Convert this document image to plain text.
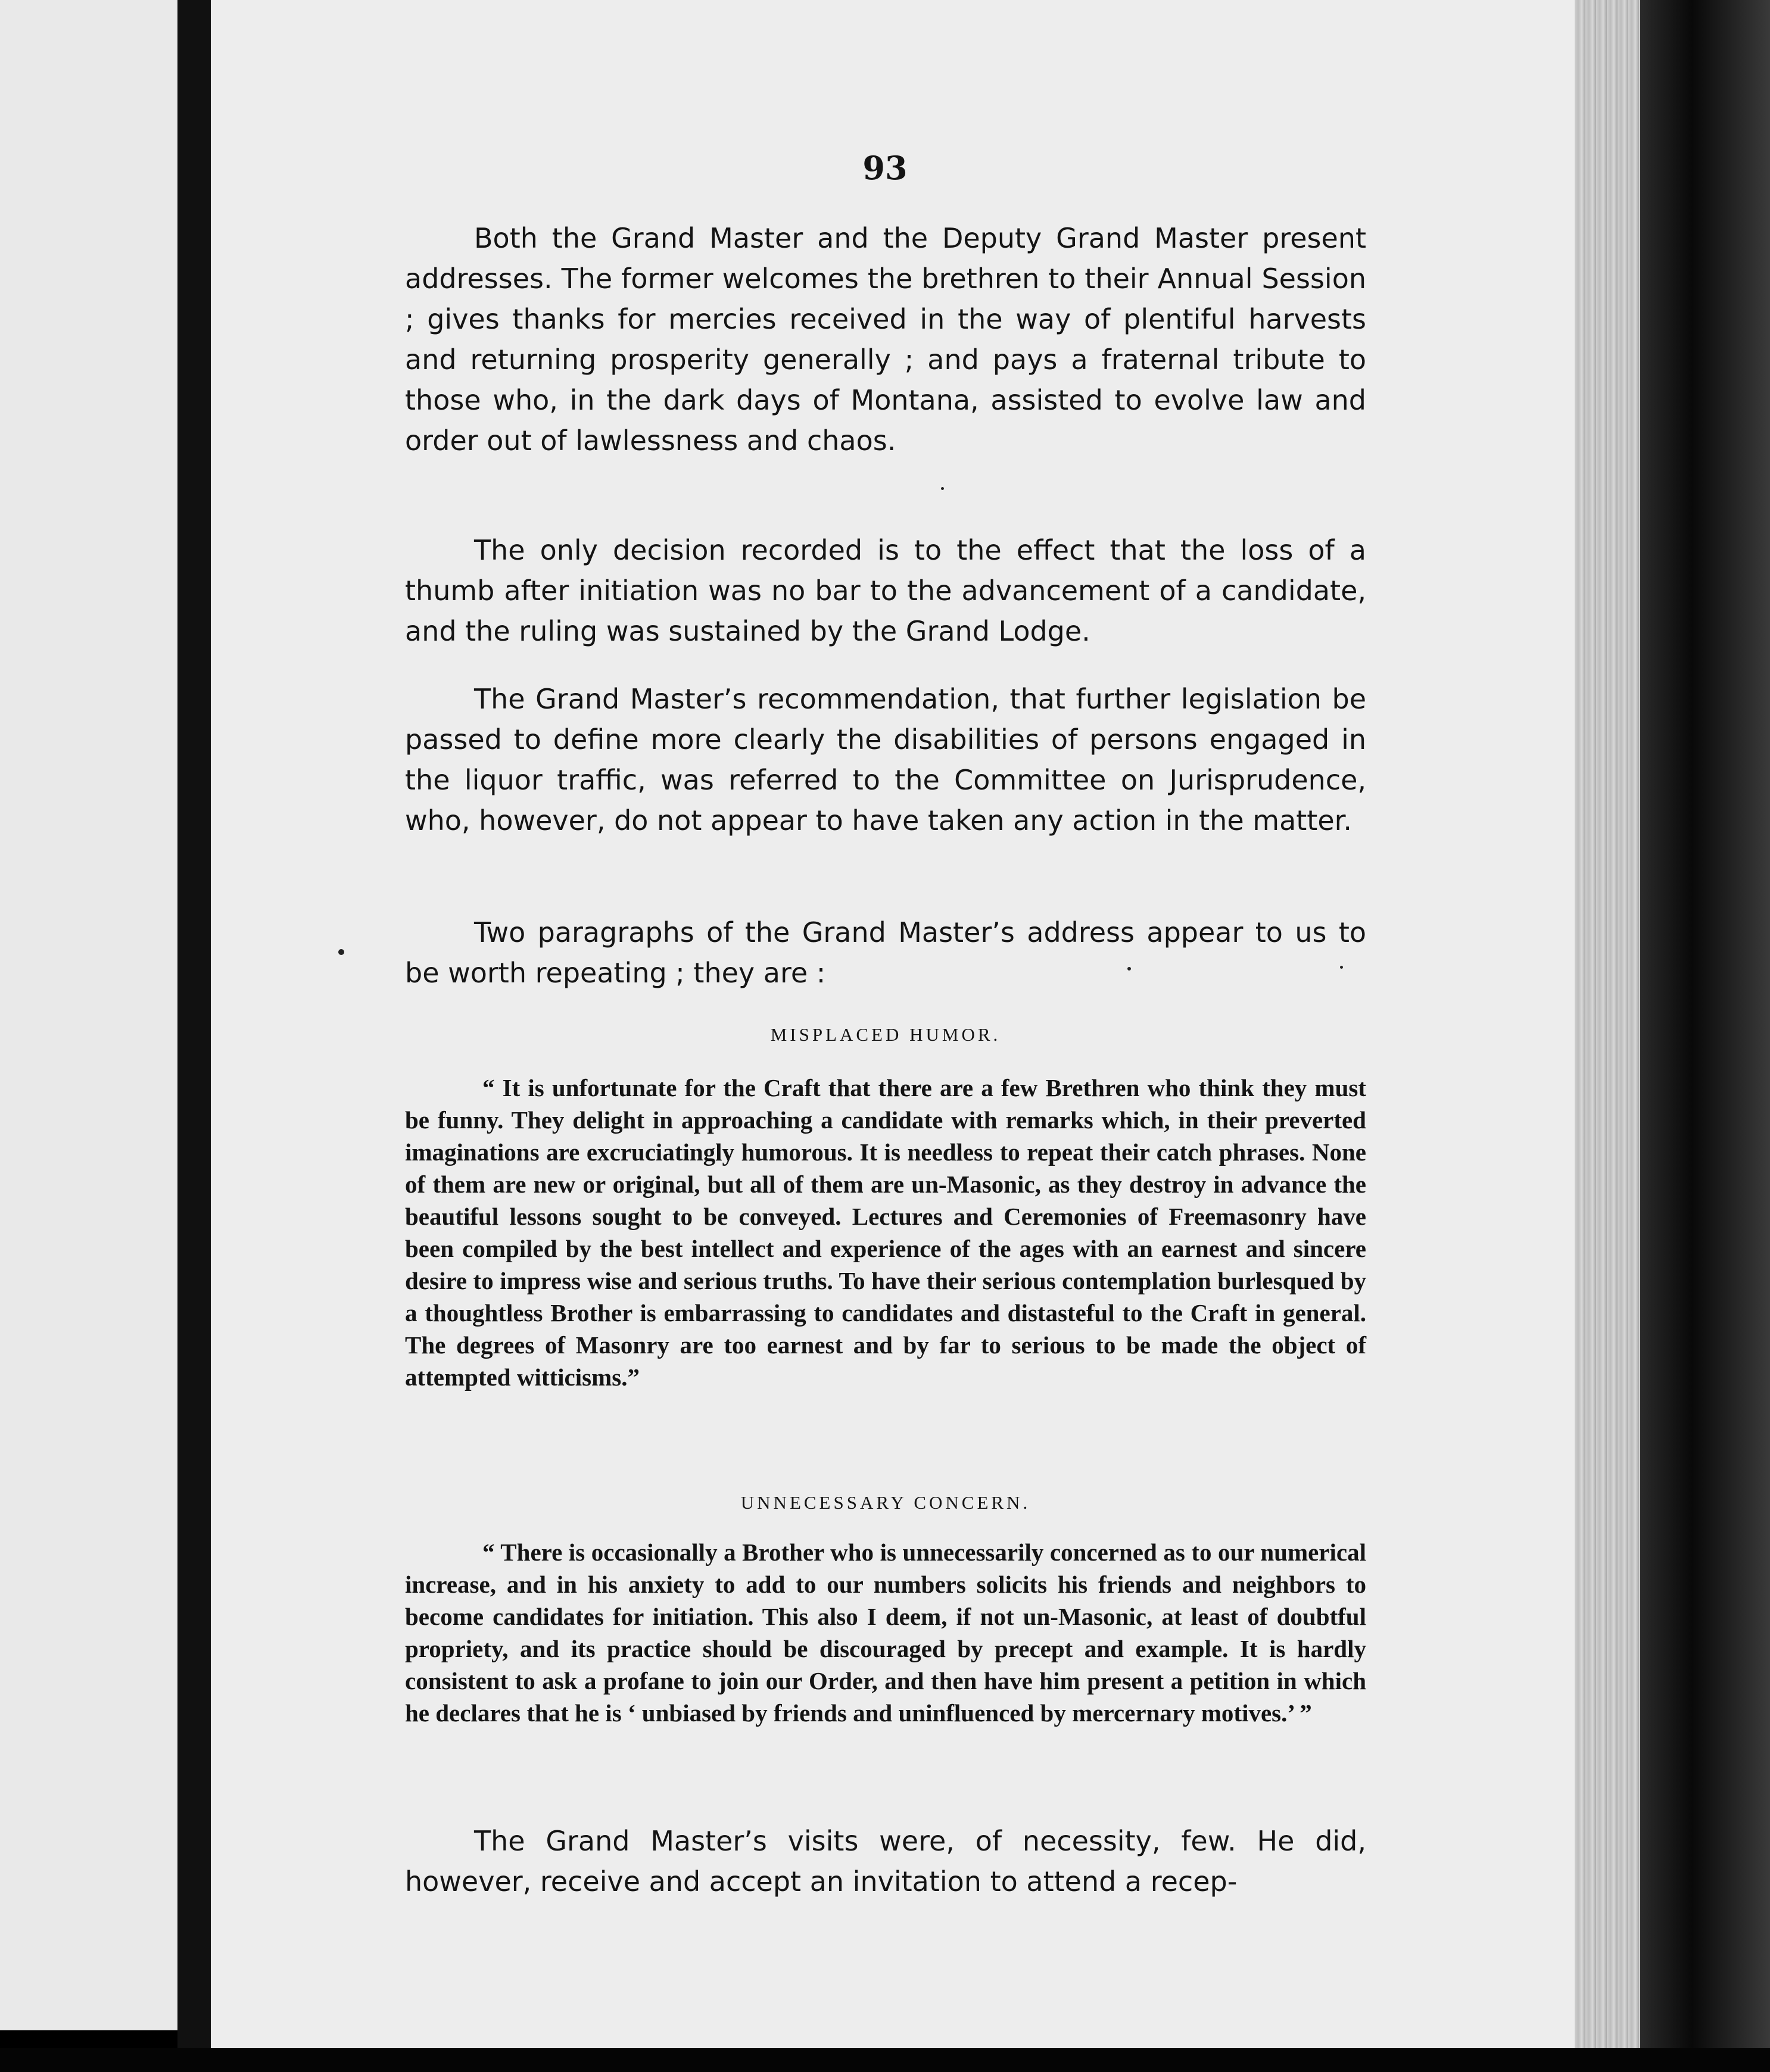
93

Both the Grand Master and the Deputy Grand Master present addresses. The former welcomes the brethren to their Annual Session ; gives thanks for mercies received in the way of plentiful harvests and returning prosperity generally ; and pays a fraternal tribute to those who, in the dark days of Montana, assisted to evolve law and order out of lawlessness and chaos.

The only decision recorded is to the effect that the loss of a thumb after initiation was no bar to the advancement of a candidate, and the ruling was sustained by the Grand Lodge.

The Grand Master’s recommendation, that further legislation be passed to define more clearly the disabilities of persons engaged in the liquor traffic, was referred to the Committee on Jurisprudence, who, however, do not appear to have taken any action in the matter.

Two paragraphs of the Grand Master’s address appear to us to be worth repeating ; they are :

MISPLACED HUMOR.

“ It is unfortunate for the Craft that there are a few Brethren who think they must be funny. They delight in approaching a candidate with remarks which, in their preverted imaginations are excruciatingly humorous. It is needless to repeat their catch phrases. None of them are new or original, but all of them are un-Masonic, as they destroy in advance the beautiful lessons sought to be conveyed. Lectures and Ceremonies of Freemasonry have been compiled by the best intellect and experience of the ages with an earnest and sincere desire to impress wise and serious truths. To have their serious contemplation burlesqued by a thoughtless Brother is embarrassing to candidates and distasteful to the Craft in general. The degrees of Masonry are too earnest and by far to serious to be made the object of attempted witticisms.”

UNNECESSARY CONCERN.

“ There is occasionally a Brother who is unnecessarily concerned as to our numerical increase, and in his anxiety to add to our numbers solicits his friends and neighbors to become candidates for initiation. This also I deem, if not un-Masonic, at least of doubtful propriety, and its practice should be discouraged by precept and example. It is hardly consistent to ask a profane to join our Order, and then have him present a petition in which he declares that he is ‘ unbiased by friends and uninfluenced by mercernary motives.’ ”

The Grand Master’s visits were, of necessity, few. He did, however, receive and accept an invitation to attend a recep-
